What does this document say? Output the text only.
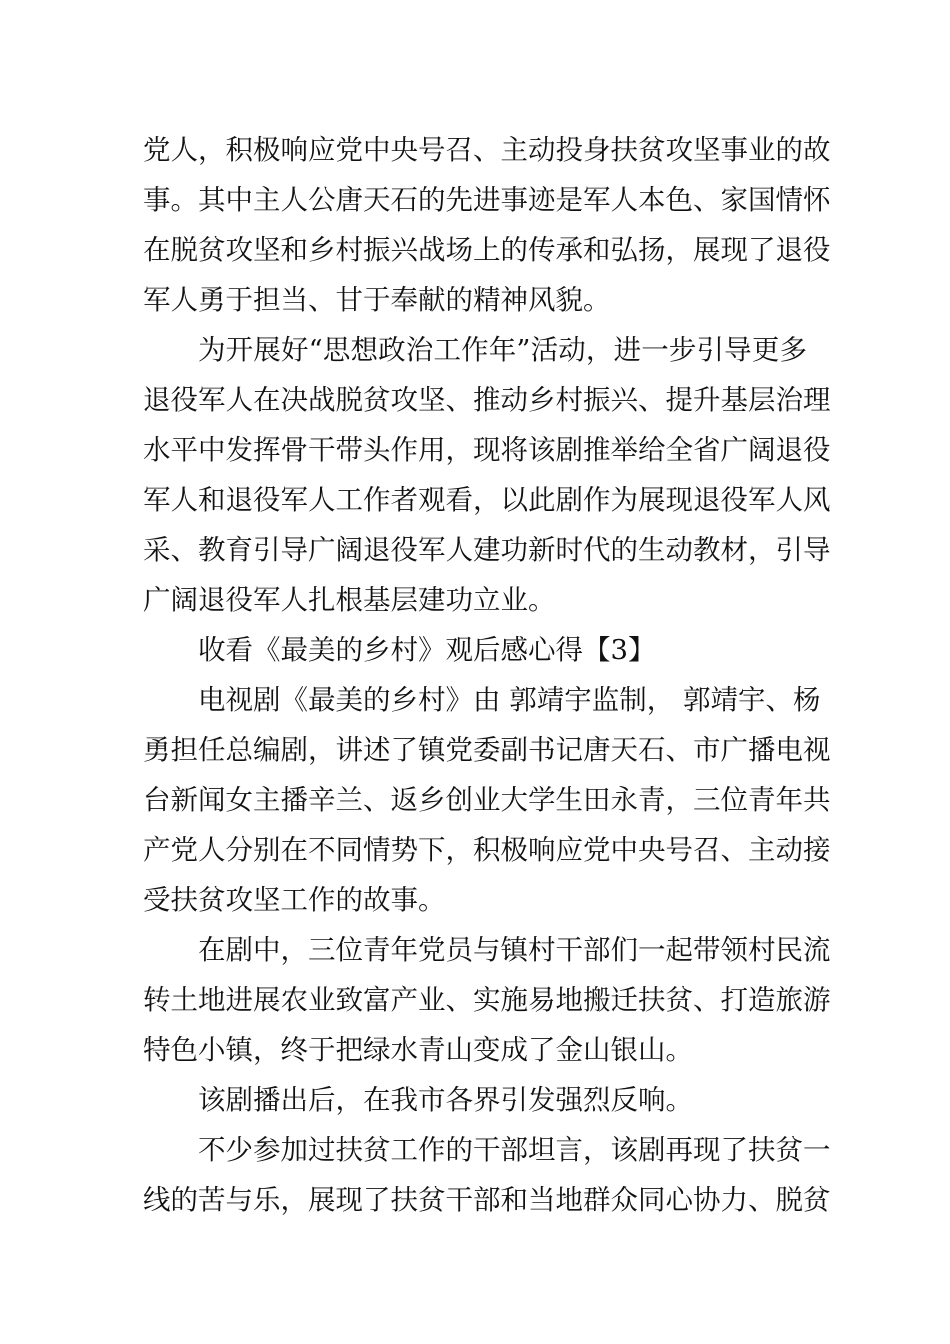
党人，积极响应党中央号召、主动投身扶贫攻坚事业的故
事。其中主人公唐天石的先进事迹是军人本色、家国情怀
在脱贫攻坚和乡村振兴战场上的传承和弘扬，展现了退役
军人勇于担当、甘于奉献的精神风貌。
为开展好“思想政治工作年”活动，进一步引导更多
退役军人在决战脱贫攻坚、推动乡村振兴、提升基层治理
水平中发挥骨干带头作用，现将该剧推举给全省广阔退役
军人和退役军人工作者观看，以此剧作为展现退役军人风
采、教育引导广阔退役军人建功新时代的生动教材，引导
广阔退役军人扎根基层建功立业。
收看《最美的乡村》观后感心得【3】
电视剧《最美的乡村》由 郭靖宇监制， 郭靖宇、杨
勇担任总编剧，讲述了镇党委副书记唐天石、市广播电视
台新闻女主播辛兰、返乡创业大学生田永青，三位青年共
产党人分别在不同情势下，积极响应党中央号召、主动接
受扶贫攻坚工作的故事。
在剧中，三位青年党员与镇村干部们一起带领村民流
转土地进展农业致富产业、实施易地搬迁扶贫、打造旅游
特色小镇，终于把绿水青山变成了金山银山。
该剧播出后，在我市各界引发强烈反响。
不少参加过扶贫工作的干部坦言，该剧再现了扶贫一
线的苦与乐，展现了扶贫干部和当地群众同心协力、脱贫
